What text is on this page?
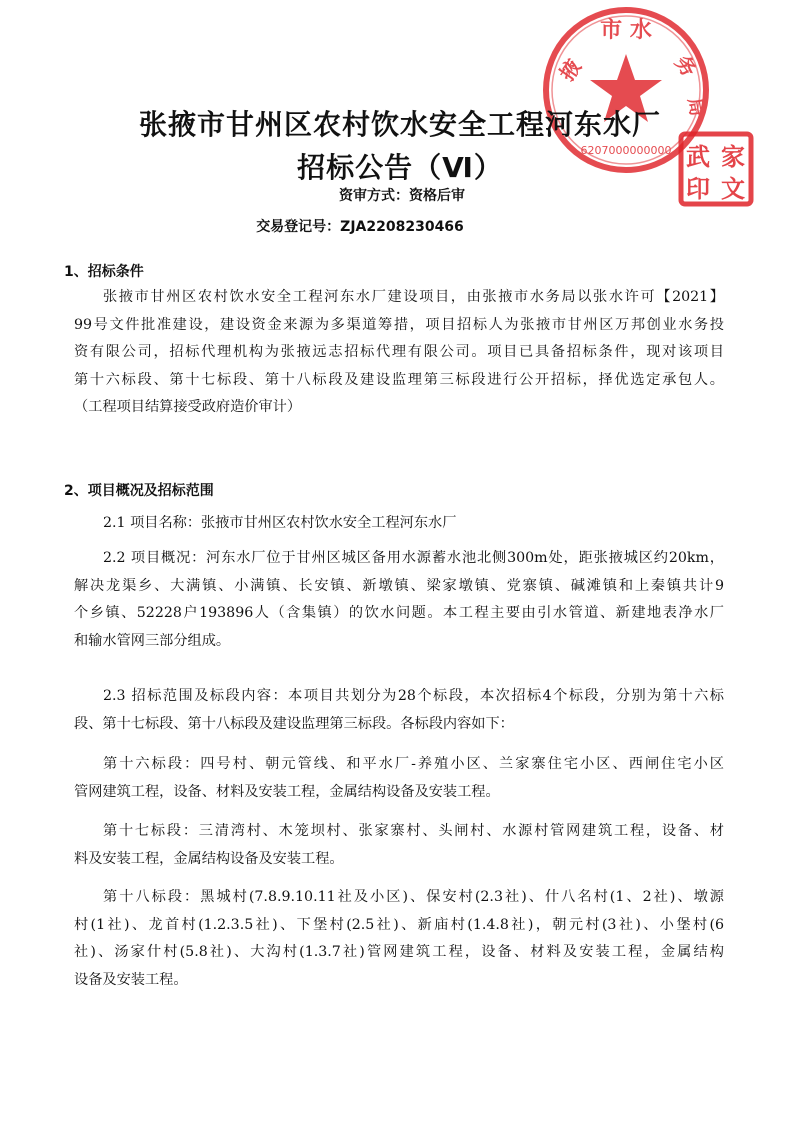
市 水
掖	务
局
6207000000000 武 家
印 文
张掖市甘州区农村饮水安全工程河东水厂
招标公告（Ⅵ）
资审方式：资格后审
交易登记号：ZJA2208230466
1、招标条件
张掖市甘州区农村饮水安全工程河东水厂建设项目，由张掖市水务局以张水许可【2021】
99号文件批准建设，建设资金来源为多渠道筹措，项目招标人为张掖市甘州区万邦创业水务投
资有限公司，招标代理机构为张掖远志招标代理有限公司。项目已具备招标条件，现对该项目
第十六标段、第十七标段、第十八标段及建设监理第三标段进行公开招标，择优选定承包人。
（工程项目结算接受政府造价审计）
2、项目概况及招标范围
2.1 项目名称：张掖市甘州区农村饮水安全工程河东水厂
2.2 项目概况：河东水厂位于甘州区城区备用水源蓄水池北侧300m处，距张掖城区约20km，
解决龙渠乡、大满镇、小满镇、长安镇、新墩镇、梁家墩镇、党寨镇、碱滩镇和上秦镇共计9
个乡镇、52228户193896人（含集镇）的饮水问题。本工程主要由引水管道、新建地表净水厂
和输水管网三部分组成。
2.3 招标范围及标段内容：本项目共划分为28个标段，本次招标4个标段，分别为第十六标
段、第十七标段、第十八标段及建设监理第三标段。各标段内容如下：
第十六标段：四号村、朝元管线、和平水厂-养殖小区、兰家寨住宅小区、西闸住宅小区
管网建筑工程，设备、材料及安装工程，金属结构设备及安装工程。
第十七标段：三清湾村、木笼坝村、张家寨村、头闸村、水源村管网建筑工程，设备、材
料及安装工程，金属结构设备及安装工程。
第十八标段：黑城村(7.8.9.10.11社及小区)、保安村(2.3社)、什八名村(1、2社)、墩源
村(1社)、龙首村(1.2.3.5社)、下堡村(2.5社)、新庙村(1.4.8社)，朝元村(3社)、小堡村(6
社)、汤家什村(5.8社)、大沟村(1.3.7社)管网建筑工程，设备、材料及安装工程，金属结构
设备及安装工程。
